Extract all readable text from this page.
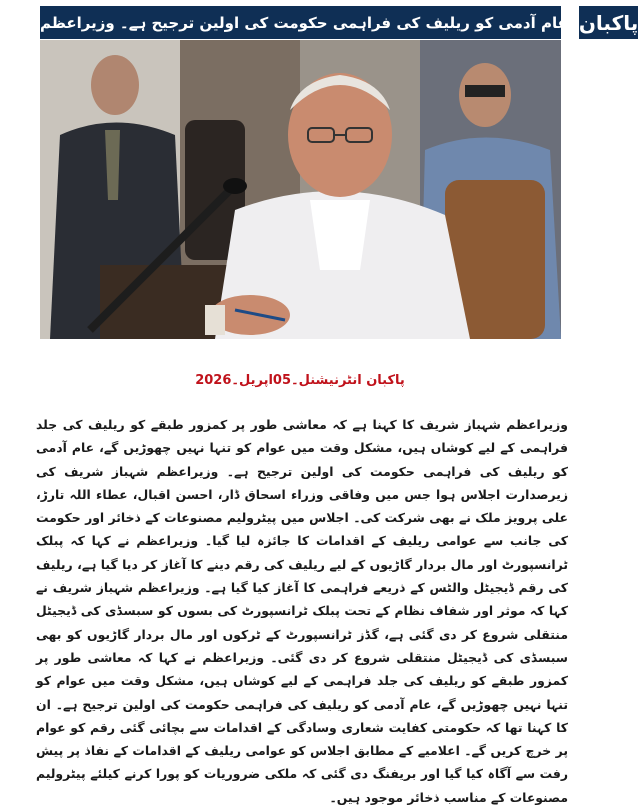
عام آدمی کو ریلیف کی فراہمی حکومت کی اولین ترجیح ہے۔ وزیراعظم پاکبان
پاکبان انٹرنیشنل۔05اپریل۔2026

وزیراعظم شہباز شریف کا کہنا ہے کہ معاشی طور پر کمزور طبقے کو ریلیف کی جلد فراہمی کے لیے کوشاں ہیں، مشکل وقت میں عوام کو تنہا نہیں چھوڑیں گے، عام آدمی کو ریلیف کی فراہمی حکومت کی اولین ترجیح ہے۔ وزیراعظم شہباز شریف کی زیرصدارت اجلاس ہوا جس میں وفاقی وزراء اسحاق ڈار، احسن اقبال، عطاء اللہ تارڑ، علی پرویز ملک نے بھی شرکت کی۔ اجلاس میں پیٹرولیم مصنوعات کے ذخائر اور حکومت کی جانب سے عوامی ریلیف کے اقدامات کا جائزہ لیا گیا۔ وزیراعظم نے کہا کہ پبلک ٹرانسپورٹ اور مال بردار گاڑیوں کے لیے ریلیف کی رقم دینے کا آغاز کر دیا گیا ہے، ریلیف کی رقم ڈیجیٹل والٹس کے ذریعے فراہمی کا آغاز کیا گیا ہے۔ وزیراعظم شہباز شریف نے کہا کہ موثر اور شفاف نظام کے تحت پبلک ٹرانسپورٹ کی بسوں کو سبسڈی کی ڈیجیٹل منتقلی شروع کر دی گئی ہے، گڈز ٹرانسپورٹ کے ٹرکوں اور مال بردار گاڑیوں کو بھی سبسڈی کی ڈیجیٹل منتقلی شروع کر دی گئی۔ وزیراعظم نے کہا کہ معاشی طور پر کمزور طبقے کو ریلیف کی جلد فراہمی کے لیے کوشاں ہیں، مشکل وقت میں عوام کو تنہا نہیں چھوڑیں گے، عام آدمی کو ریلیف کی فراہمی حکومت کی اولین ترجیح ہے۔ ان کا کہنا تھا کہ حکومتی کفایت شعاری وسادگی کے اقدامات سے بچائی گئی رقم کو عوام پر خرچ کریں گے۔ اعلامیے کے مطابق اجلاس کو عوامی ریلیف کے اقدامات کے نفاذ پر پیش رفت سے آگاہ کیا گیا اور بریفنگ دی گئی کہ ملکی ضروریات کو پورا کرنے کیلئے پیٹرولیم مصنوعات کے مناسب ذخائر موجود ہیں۔
